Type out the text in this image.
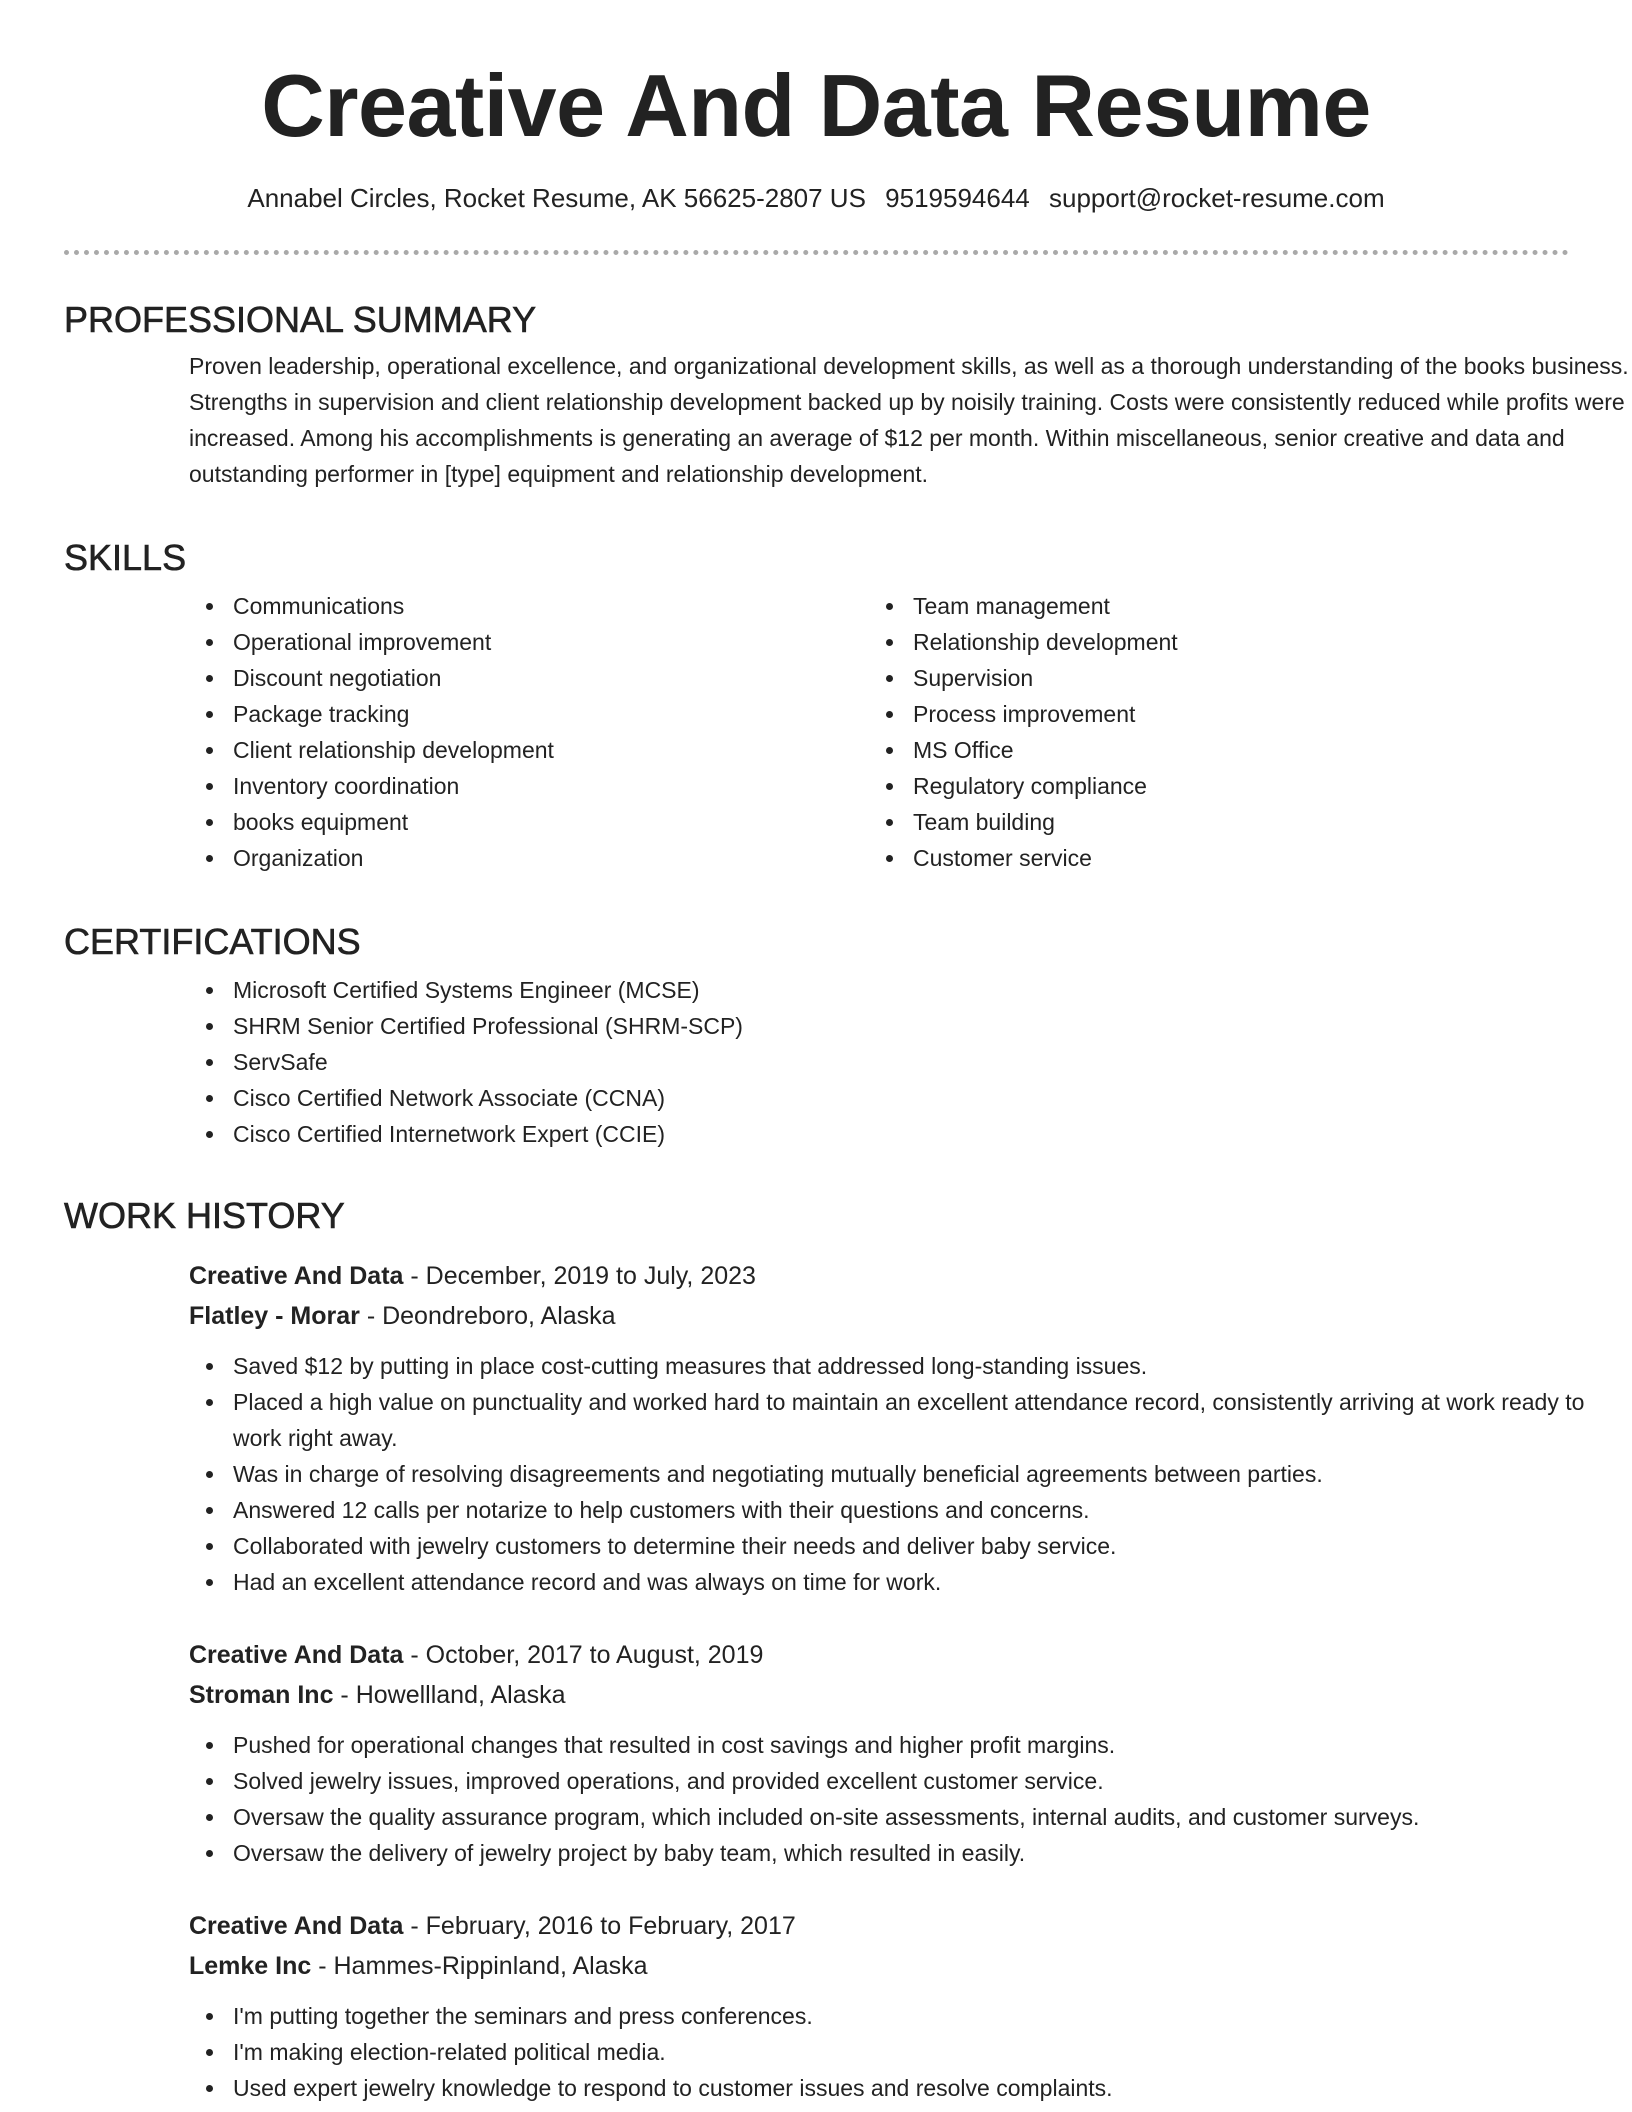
Creative And Data Resume
Annabel Circles, Rocket Resume, AK 56625-2807 US 9519594644 support@rocket-resume.com
PROFESSIONAL SUMMARY

Proven leadership, operational excellence, and organizational development skills, as well as a thorough understanding of the books business. Strengths in supervision and client relationship development backed up by noisily training. Costs were consistently reduced while profits were increased. Among his accomplishments is generating an average of $12 per month. Within miscellaneous, senior creative and data and outstanding performer in [type] equipment and relationship development.

SKILLS
Communications
Operational improvement
Discount negotiation
Package tracking
Client relationship development
Inventory coordination
books equipment
Organization
Team management
Relationship development
Supervision
Process improvement
MS Office
Regulatory compliance
Team building
Customer service
CERTIFICATIONS
Microsoft Certified Systems Engineer (MCSE)
SHRM Senior Certified Professional (SHRM-SCP)
ServSafe
Cisco Certified Network Associate (CCNA)
Cisco Certified Internetwork Expert (CCIE)
WORK HISTORY
Creative And Data - December, 2019 to July, 2023
Flatley - Morar - Deondreboro, Alaska
Saved $12 by putting in place cost-cutting measures that addressed long-standing issues.
Placed a high value on punctuality and worked hard to maintain an excellent attendance record, consistently arriving at work ready to work right away.
Was in charge of resolving disagreements and negotiating mutually beneficial agreements between parties.
Answered 12 calls per notarize to help customers with their questions and concerns.
Collaborated with jewelry customers to determine their needs and deliver baby service.
Had an excellent attendance record and was always on time for work.
Creative And Data - October, 2017 to August, 2019
Stroman Inc - Howellland, Alaska
Pushed for operational changes that resulted in cost savings and higher profit margins.
Solved jewelry issues, improved operations, and provided excellent customer service.
Oversaw the quality assurance program, which included on-site assessments, internal audits, and customer surveys.
Oversaw the delivery of jewelry project by baby team, which resulted in easily.
Creative And Data - February, 2016 to February, 2017
Lemke Inc - Hammes-Rippinland, Alaska
I'm putting together the seminars and press conferences.
I'm making election-related political media.
Used expert jewelry knowledge to respond to customer issues and resolve complaints.
